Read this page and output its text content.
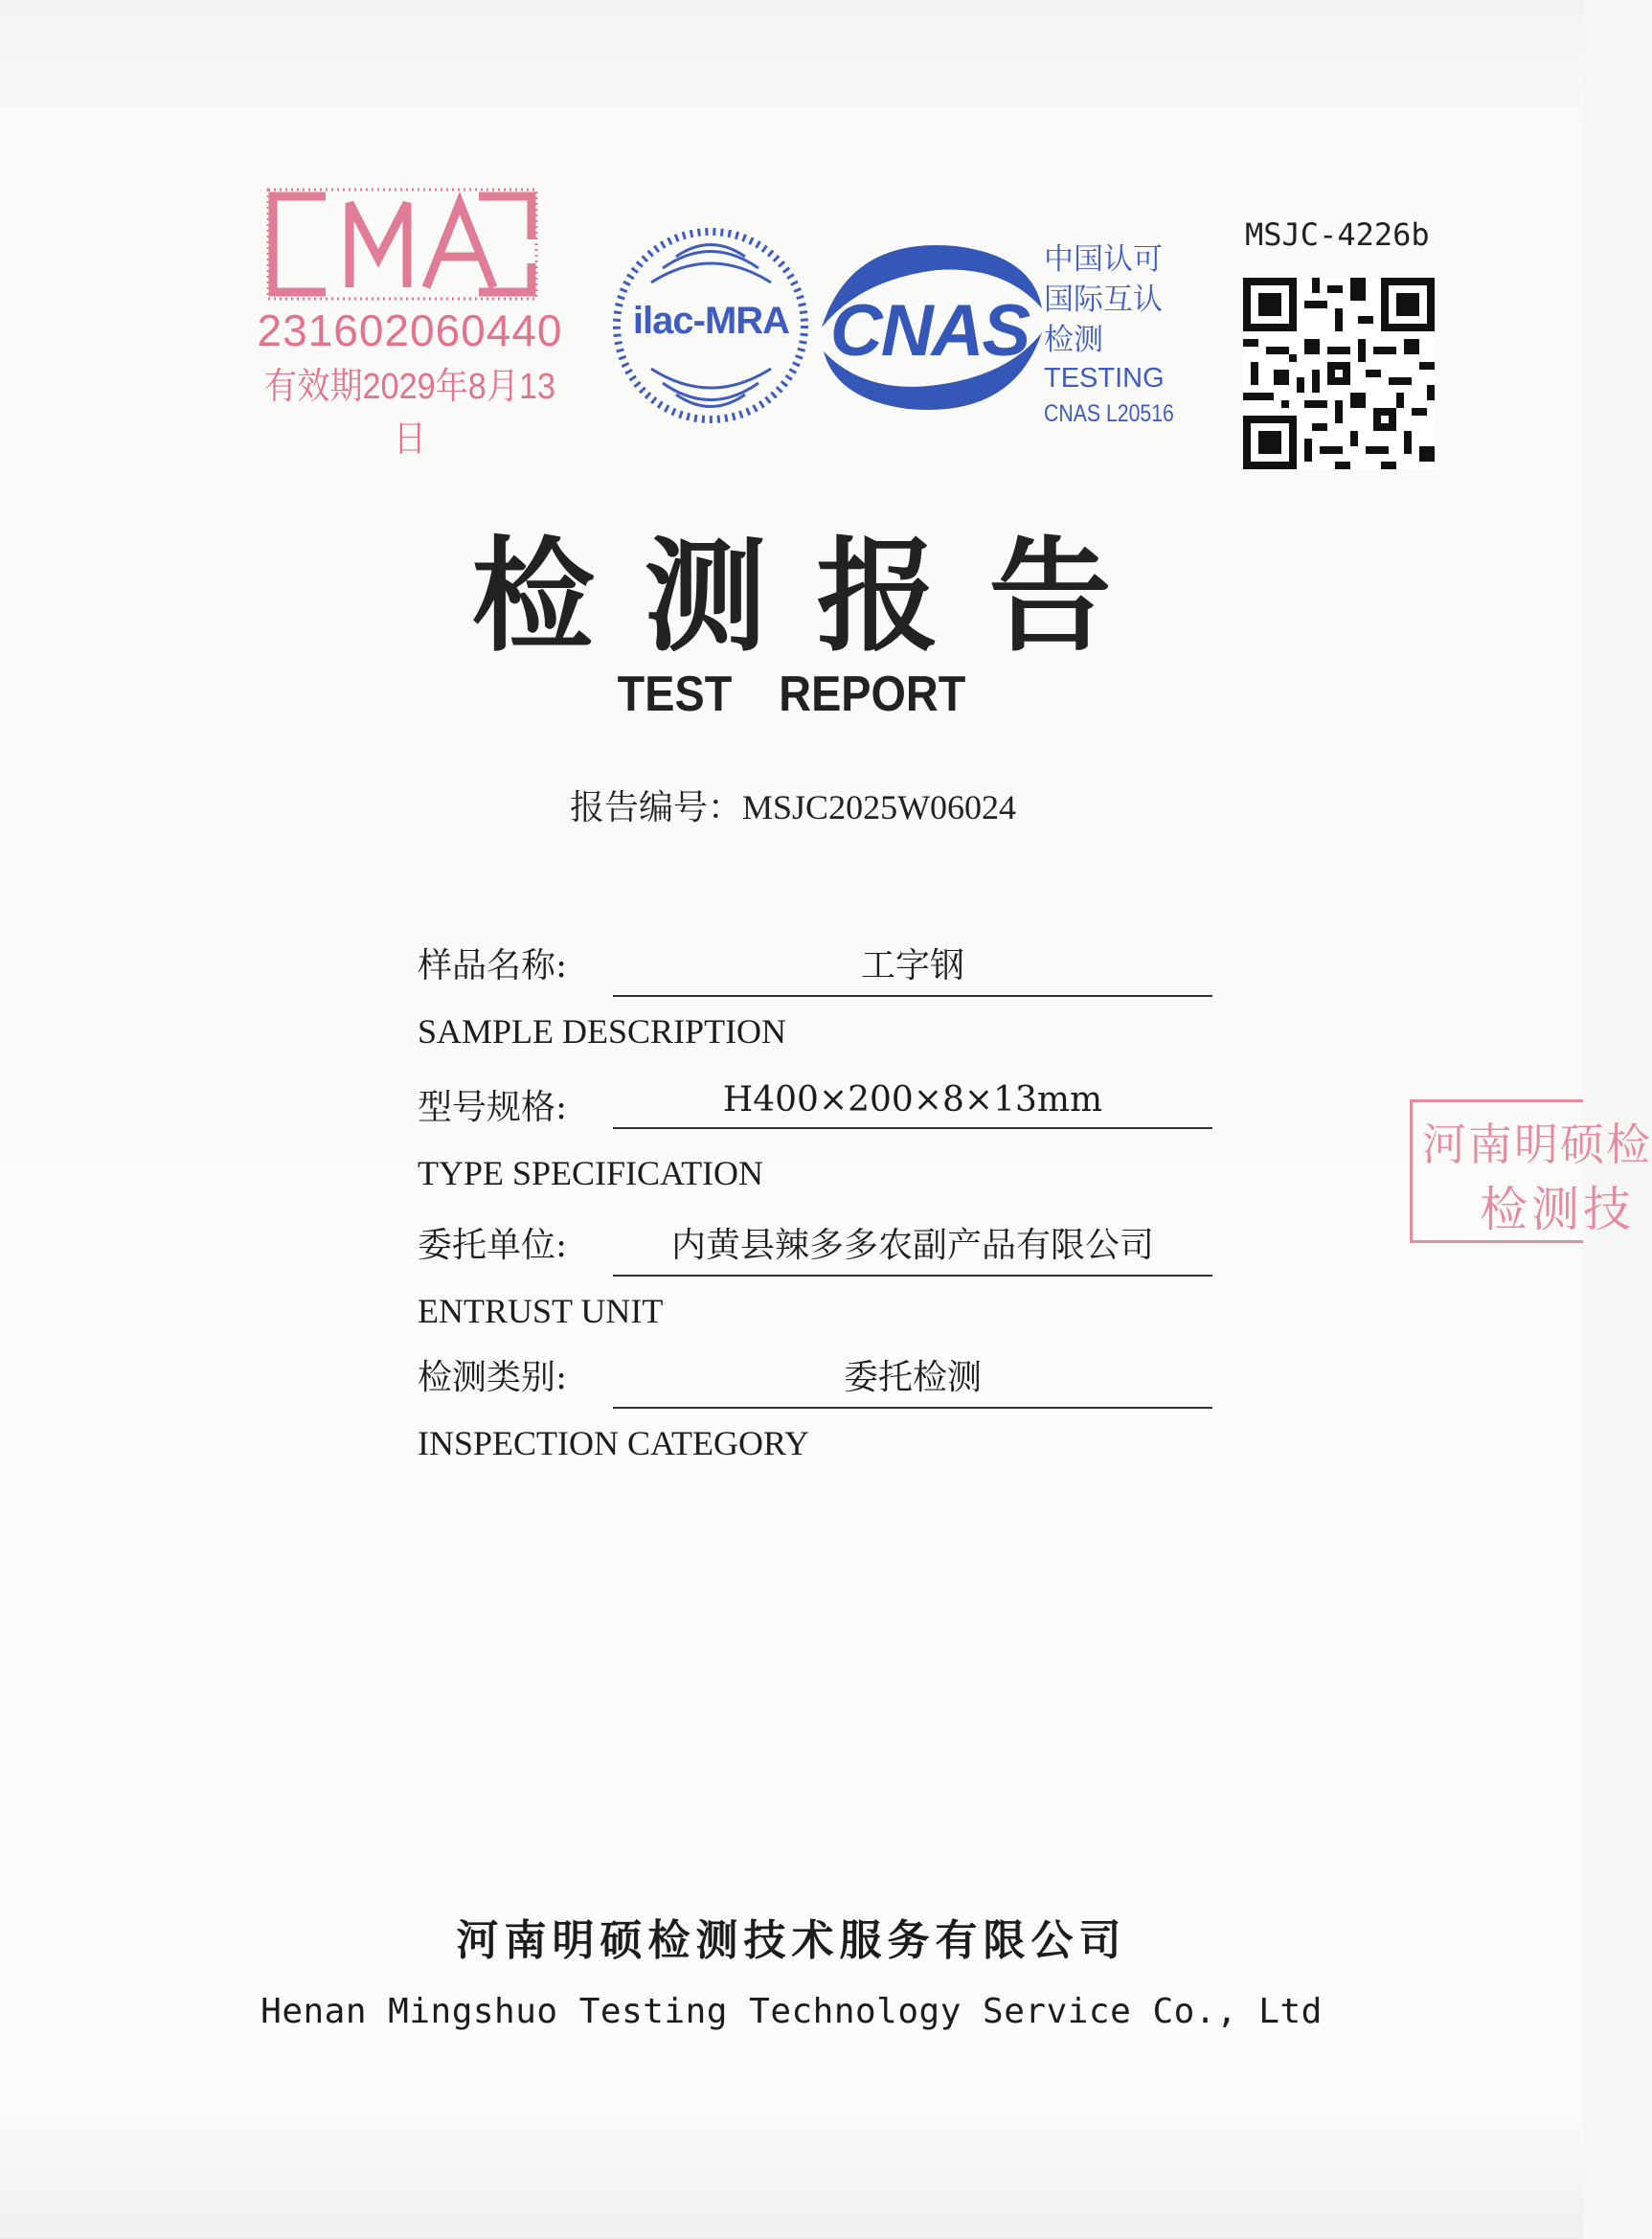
231602060440
有效期2029年8月13日
ilac-MRA CNAS
中国认可
国际互认
检测
TESTING
CNAS L20516
MSJC-4226b
检测报告
TEST REPORT
报告编号：MSJC2025W06024
样品名称:	工字钢
SAMPLE DESCRIPTION
型号规格:	H400×200×8×13mm
TYPE SPECIFICATION
委托单位:	内黄县辣多多农副产品有限公司
ENTRUST UNIT
检测类别:	委托检测
INSPECTION CATEGORY
河南明硕检
检测技
河南明硕检测技术服务有限公司
Henan Mingshuo Testing Technology Service Co., Ltd
